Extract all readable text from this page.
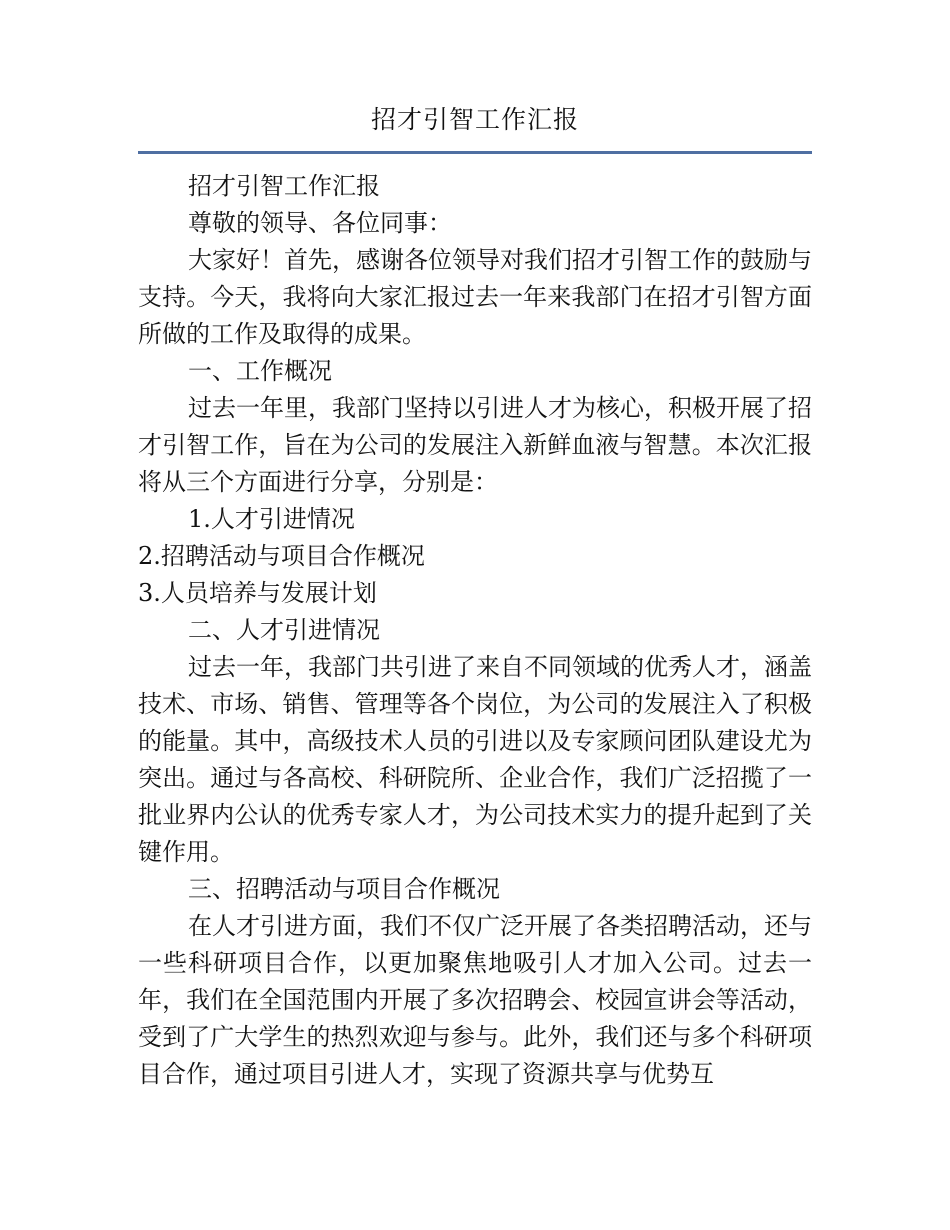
招才引智工作汇报

招才引智工作汇报

尊敬的领导、各位同事：

大家好！首先，感谢各位领导对我们招才引智工作的鼓励与支持。今天，我将向大家汇报过去一年来我部门在招才引智方面所做的工作及取得的成果。

一、工作概况

过去一年里，我部门坚持以引进人才为核心，积极开展了招才引智工作，旨在为公司的发展注入新鲜血液与智慧。本次汇报将从三个方面进行分享，分别是：

1.人才引进情况

2.招聘活动与项目合作概况

3.人员培养与发展计划

二、人才引进情况

过去一年，我部门共引进了来自不同领域的优秀人才，涵盖技术、市场、销售、管理等各个岗位，为公司的发展注入了积极的能量。其中，高级技术人员的引进以及专家顾问团队建设尤为突出。通过与各高校、科研院所、企业合作，我们广泛招揽了一批业界内公认的优秀专家人才，为公司技术实力的提升起到了关键作用。

三、招聘活动与项目合作概况

在人才引进方面，我们不仅广泛开展了各类招聘活动，还与一些科研项目合作，以更加聚焦地吸引人才加入公司。过去一年，我们在全国范围内开展了多次招聘会、校园宣讲会等活动，受到了广大学生的热烈欢迎与参与。此外，我们还与多个科研项目合作，通过项目引进人才，实现了资源共享与优势互
